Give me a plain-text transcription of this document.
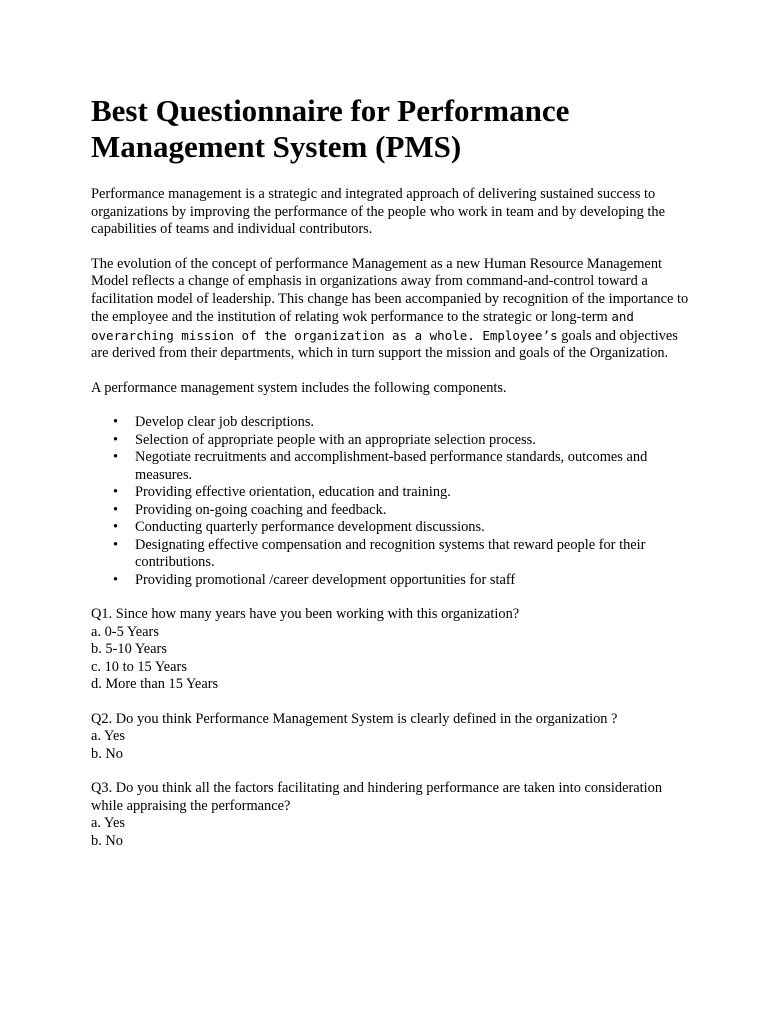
Best Questionnaire for Performance
Management System (PMS)

Performance management is a strategic and integrated approach of delivering sustained success to organizations by improving the performance of the people who work in team and by developing the capabilities of teams and individual contributors.

The evolution of the concept of performance Management as a new Human Resource Management Model reflects a change of emphasis in organizations away from command-and-control toward a facilitation model of leadership. This change has been accompanied by recognition of the importance to the employee and the institution of relating wok performance to the strategic or long-term and overarching mission of the organization as a whole. Employee’s goals and objectives are derived from their departments, which in turn support the mission and goals of the Organization.

A performance management system includes the following components.

• Develop clear job descriptions.
• Selection of appropriate people with an appropriate selection process.
• Negotiate recruitments and accomplishment-based performance standards, outcomes and measures.
• Providing effective orientation, education and training.
• Providing on-going coaching and feedback.
• Conducting quarterly performance development discussions.
• Designating effective compensation and recognition systems that reward people for their contributions.
• Providing promotional /career development opportunities for staff
Q1. Since how many years have you been working with this organization?
a. 0-5 Years
b. 5-10 Years
c. 10 to 15 Years
d. More than 15 Years
Q2. Do you think Performance Management System is clearly defined in the organization ?
a. Yes
b. No
Q3. Do you think all the factors facilitating and hindering performance are taken into consideration while appraising the performance?
a. Yes
b. No
